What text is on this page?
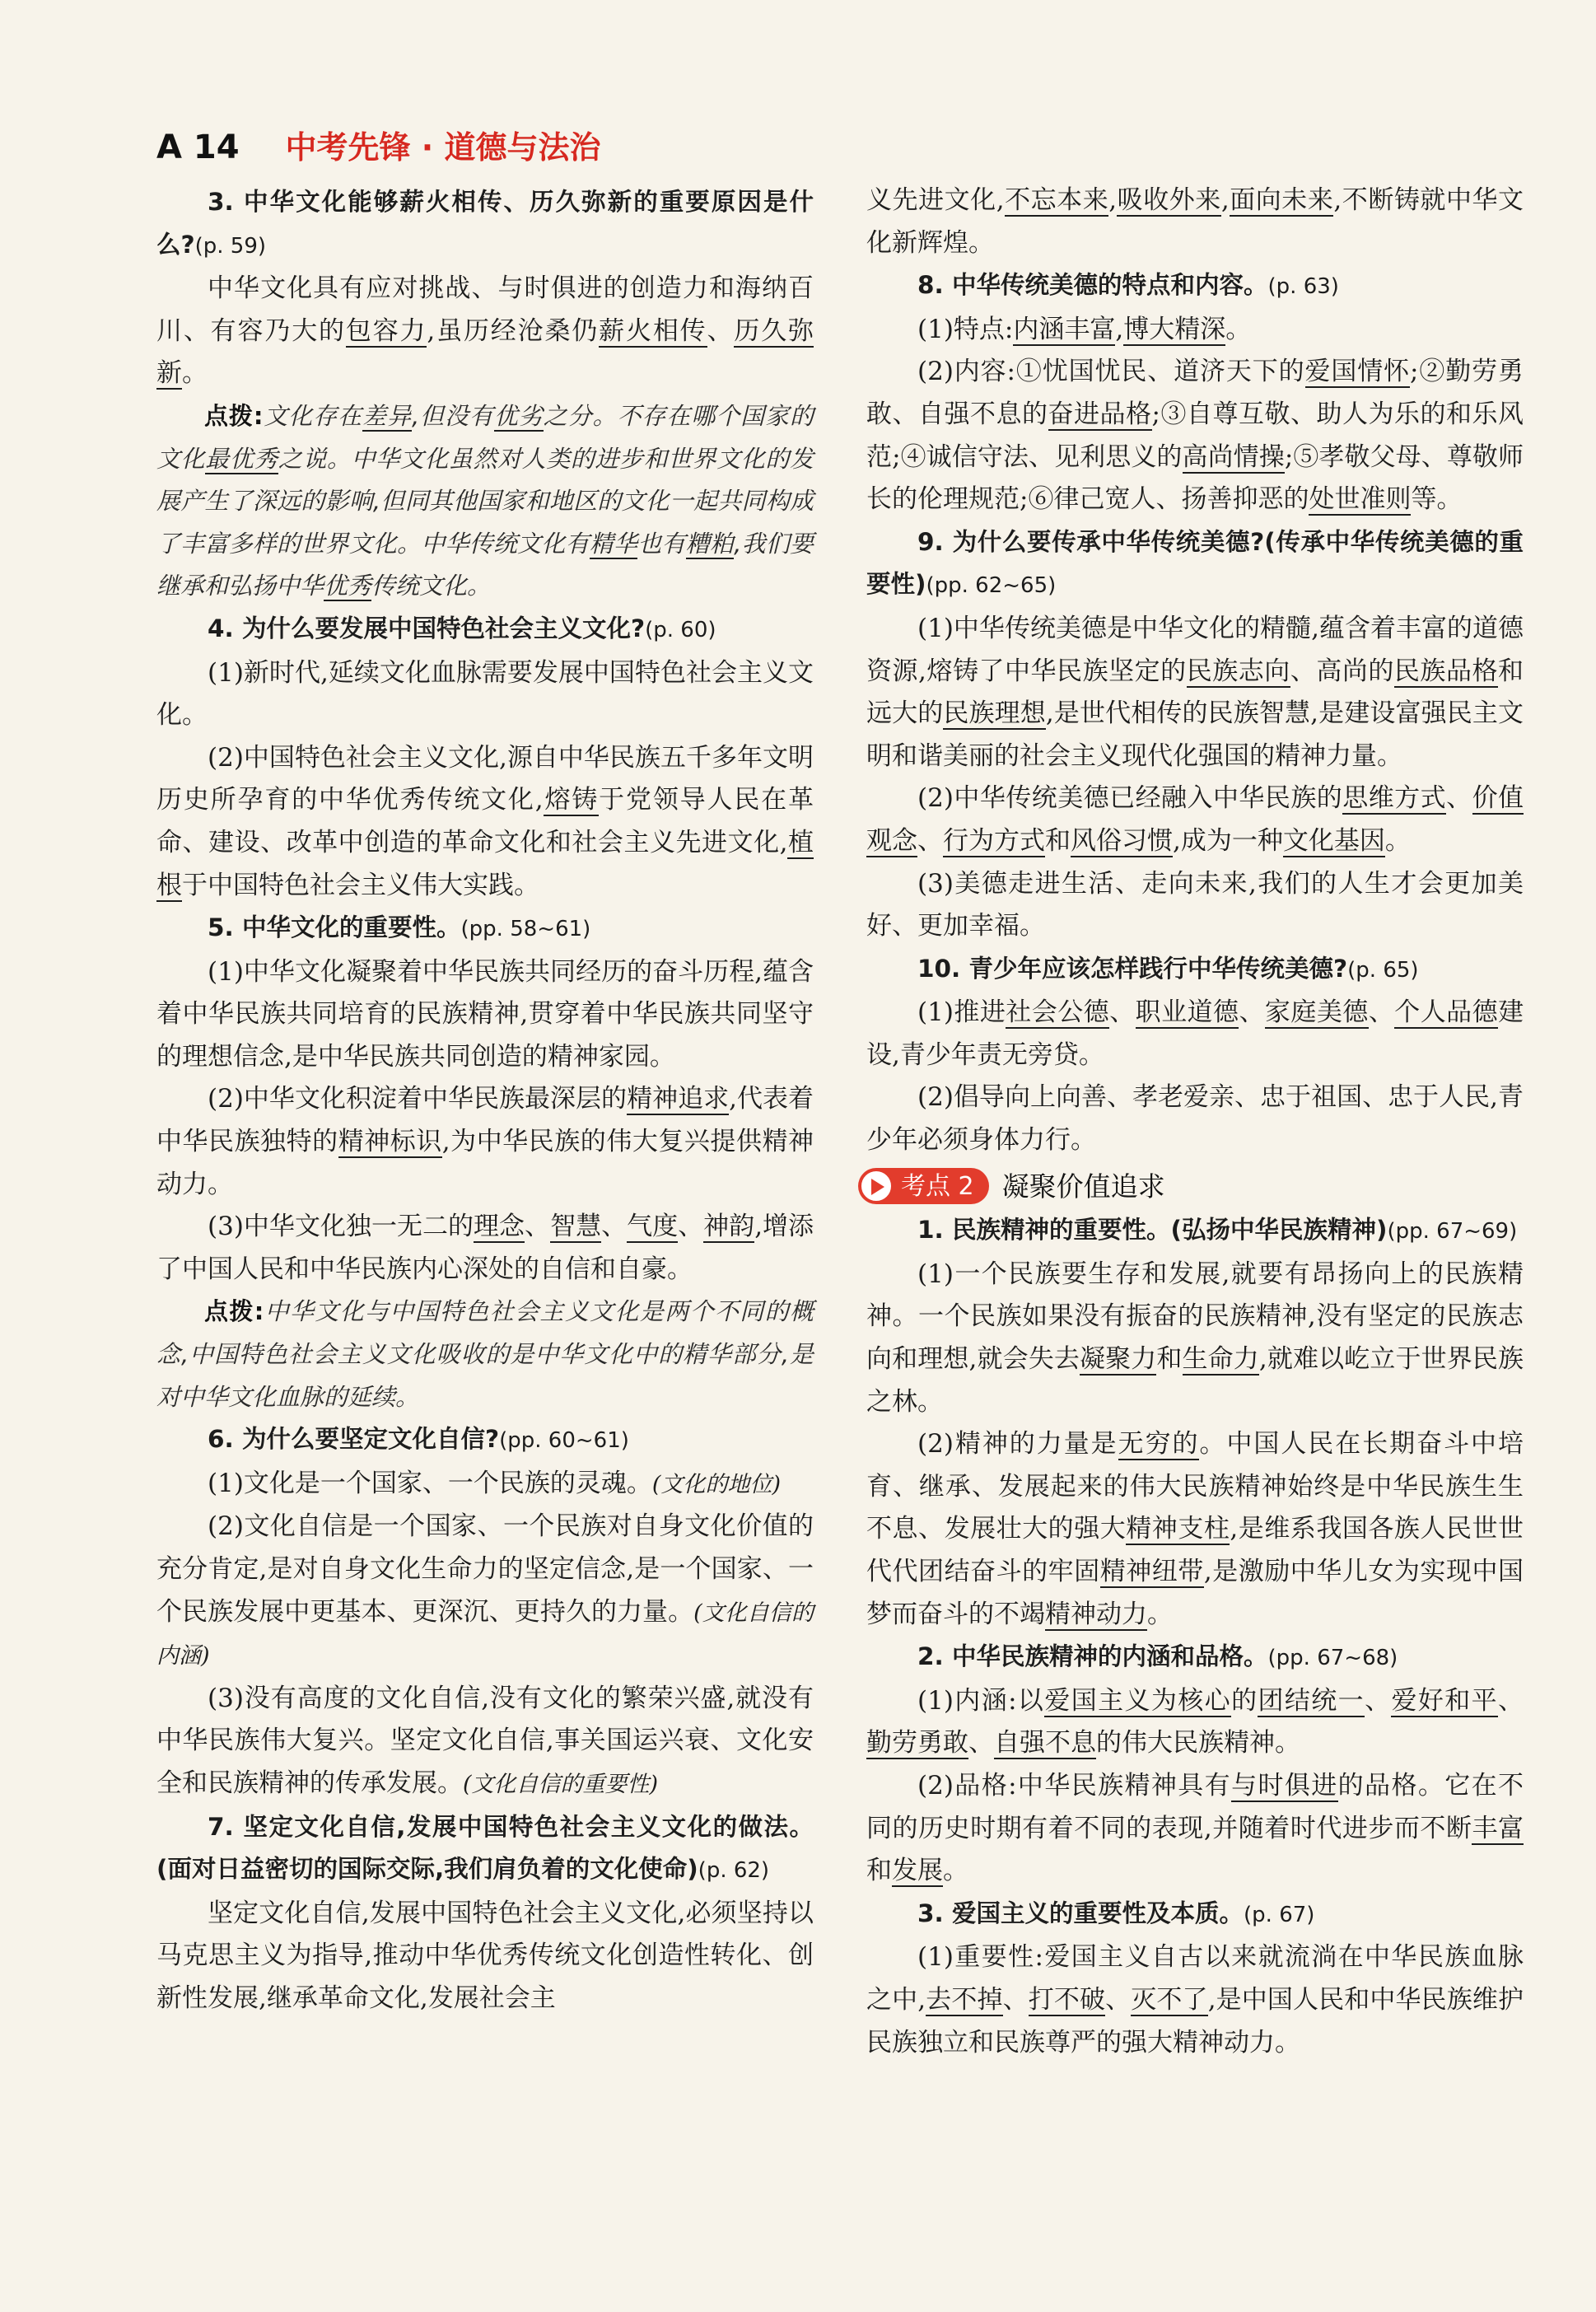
A 14 中考先锋 · 道德与法治

3. 中华文化能够薪火相传、历久弥新的重要原因是什么?(p. 59)

中华文化具有应对挑战、与时俱进的创造力和海纳百川、有容乃大的包容力,虽历经沧桑仍薪火相传、历久弥新。

点拨:文化存在差异,但没有优劣之分。不存在哪个国家的文化最优秀之说。中华文化虽然对人类的进步和世界文化的发展产生了深远的影响,但同其他国家和地区的文化一起共同构成了丰富多样的世界文化。中华传统文化有精华也有糟粕,我们要继承和弘扬中华优秀传统文化。

4. 为什么要发展中国特色社会主义文化?(p. 60)

(1)新时代,延续文化血脉需要发展中国特色社会主义文化。

(2)中国特色社会主义文化,源自中华民族五千多年文明历史所孕育的中华优秀传统文化,熔铸于党领导人民在革命、建设、改革中创造的革命文化和社会主义先进文化,植根于中国特色社会主义伟大实践。

5. 中华文化的重要性。(pp. 58~61)

(1)中华文化凝聚着中华民族共同经历的奋斗历程,蕴含着中华民族共同培育的民族精神,贯穿着中华民族共同坚守的理想信念,是中华民族共同创造的精神家园。

(2)中华文化积淀着中华民族最深层的精神追求,代表着中华民族独特的精神标识,为中华民族的伟大复兴提供精神动力。

(3)中华文化独一无二的理念、智慧、气度、神韵,增添了中国人民和中华民族内心深处的自信和自豪。

点拨:中华文化与中国特色社会主义文化是两个不同的概念,中国特色社会主义文化吸收的是中华文化中的精华部分,是对中华文化血脉的延续。

6. 为什么要坚定文化自信?(pp. 60~61)

(1)文化是一个国家、一个民族的灵魂。(文化的地位)

(2)文化自信是一个国家、一个民族对自身文化价值的充分肯定,是对自身文化生命力的坚定信念,是一个国家、一个民族发展中更基本、更深沉、更持久的力量。(文化自信的内涵)

(3)没有高度的文化自信,没有文化的繁荣兴盛,就没有中华民族伟大复兴。坚定文化自信,事关国运兴衰、文化安全和民族精神的传承发展。(文化自信的重要性)

7. 坚定文化自信,发展中国特色社会主义文化的做法。(面对日益密切的国际交际,我们肩负着的文化使命)(p. 62)

坚定文化自信,发展中国特色社会主义文化,必须坚持以马克思主义为指导,推动中华优秀传统文化创造性转化、创新性发展,继承革命文化,发展社会主

义先进文化,不忘本来,吸收外来,面向未来,不断铸就中华文化新辉煌。

8. 中华传统美德的特点和内容。(p. 63)

(1)特点:内涵丰富,博大精深。

(2)内容:①忧国忧民、道济天下的爱国情怀;②勤劳勇敢、自强不息的奋进品格;③自尊互敬、助人为乐的和乐风范;④诚信守法、见利思义的高尚情操;⑤孝敬父母、尊敬师长的伦理规范;⑥律己宽人、扬善抑恶的处世准则等。

9. 为什么要传承中华传统美德?(传承中华传统美德的重要性)(pp. 62~65)

(1)中华传统美德是中华文化的精髓,蕴含着丰富的道德资源,熔铸了中华民族坚定的民族志向、高尚的民族品格和远大的民族理想,是世代相传的民族智慧,是建设富强民主文明和谐美丽的社会主义现代化强国的精神力量。

(2)中华传统美德已经融入中华民族的思维方式、价值观念、行为方式和风俗习惯,成为一种文化基因。

(3)美德走进生活、走向未来,我们的人生才会更加美好、更加幸福。

10. 青少年应该怎样践行中华传统美德?(p. 65)

(1)推进社会公德、职业道德、家庭美德、个人品德建设,青少年责无旁贷。

(2)倡导向上向善、孝老爱亲、忠于祖国、忠于人民,青少年必须身体力行。

考点 2 凝聚价值追求

1. 民族精神的重要性。(弘扬中华民族精神)(pp. 67~69)

(1)一个民族要生存和发展,就要有昂扬向上的民族精神。一个民族如果没有振奋的民族精神,没有坚定的民族志向和理想,就会失去凝聚力和生命力,就难以屹立于世界民族之林。

(2)精神的力量是无穷的。中国人民在长期奋斗中培育、继承、发展起来的伟大民族精神始终是中华民族生生不息、发展壮大的强大精神支柱,是维系我国各族人民世世代代团结奋斗的牢固精神纽带,是激励中华儿女为实现中国梦而奋斗的不竭精神动力。

2. 中华民族精神的内涵和品格。(pp. 67~68)

(1)内涵:以爱国主义为核心的团结统一、爱好和平、勤劳勇敢、自强不息的伟大民族精神。

(2)品格:中华民族精神具有与时俱进的品格。它在不同的历史时期有着不同的表现,并随着时代进步而不断丰富和发展。

3. 爱国主义的重要性及本质。(p. 67)

(1)重要性:爱国主义自古以来就流淌在中华民族血脉之中,去不掉、打不破、灭不了,是中国人民和中华民族维护民族独立和民族尊严的强大精神动力。
